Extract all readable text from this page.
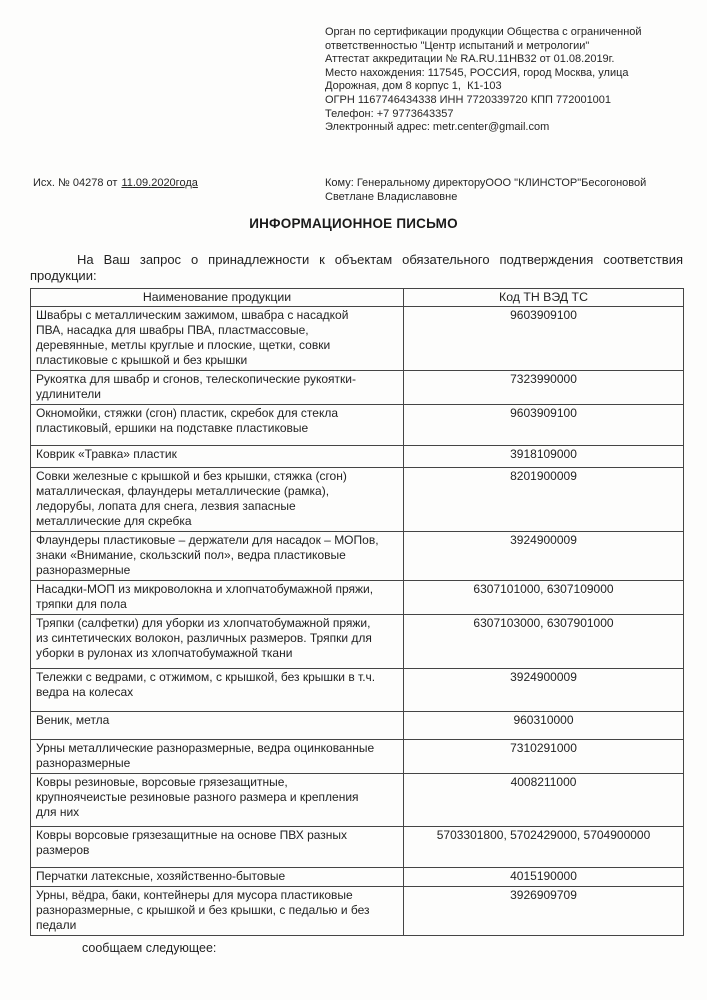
Орган по сертификации продукции Общества с ограниченной
ответственностью "Центр испытаний и метрологии"
Аттестат аккредитации № RA.RU.11НВ32 от 01.08.2019г.
Место нахождения: 117545, РОССИЯ, город Москва, улица
Дорожная, дом 8 корпус 1,  К1-103
ОГРН 1167746434338 ИНН 7720339720 КПП 772001001
Телефон: +7 9773643357
Электронный адрес: metr.center@gmail.com
Исх. № 04278 от 11.09.2020года	Кому: Генеральному директоруООО "КЛИНСТОР"Бесогоновой Светлане Владиславовне
ИНФОРМАЦИОННОЕ ПИСЬМО
На Ваш запрос о принадлежности к объектам обязательного подтверждения соответствия
продукции:
Наименование продукции	Код ТН ВЭД ТС
Швабры с металлическим зажимом, швабра с насадкой ПВА, насадка для швабры ПВА, пластмассовые, деревянные, метлы круглые и плоские, щетки, совки пластиковые с крышкой и без крышки	9603909100
Рукоятка для швабр и сгонов, телескопические рукоятки-удлинители	7323990000
Окномойки, стяжки (сгон) пластик, скребок для стекла пластиковый, ершики на подставке пластиковые	9603909100
Коврик «Травка» пластик	3918109000
Совки железные с крышкой и без крышки, стяжка (сгон) маталлическая, флаундеры металлические (рамка), ледорубы, лопата для снега, лезвия запасные металлические для скребка	8201900009
Флаундеры пластиковые – держатели для насадок – МОПов, знаки «Внимание, скользский пол», ведра пластиковые разноразмерные	3924900009
Насадки-МОП из микроволокна и хлопчатобумажной пряжи, тряпки для пола	6307101000, 6307109000
Тряпки (салфетки) для уборки из хлопчатобумажной пряжи, из синтетических волокон, различных размеров. Тряпки для уборки в рулонах из хлопчатобумажной ткани	6307103000, 6307901000
Тележки с ведрами, с отжимом, с крышкой, без крышки в т.ч. ведра на колесах	3924900009
Веник, метла	960310000
Урны металлические разноразмерные, ведра оцинкованные разноразмерные	7310291000
Ковры резиновые, ворсовые грязезащитные, крупноячеистые резиновые разного размера и крепления для них	4008211000
Ковры ворсовые грязезащитные на основе ПВХ разных размеров	5703301800, 5702429000, 5704900000
Перчатки латексные, хозяйственно-бытовые	4015190000
Урны, вёдра, баки, контейнеры для мусора пластиковые разноразмерные, с крышкой и без крышки, с педалью и без педали	3926909709
сообщаем следующее:
